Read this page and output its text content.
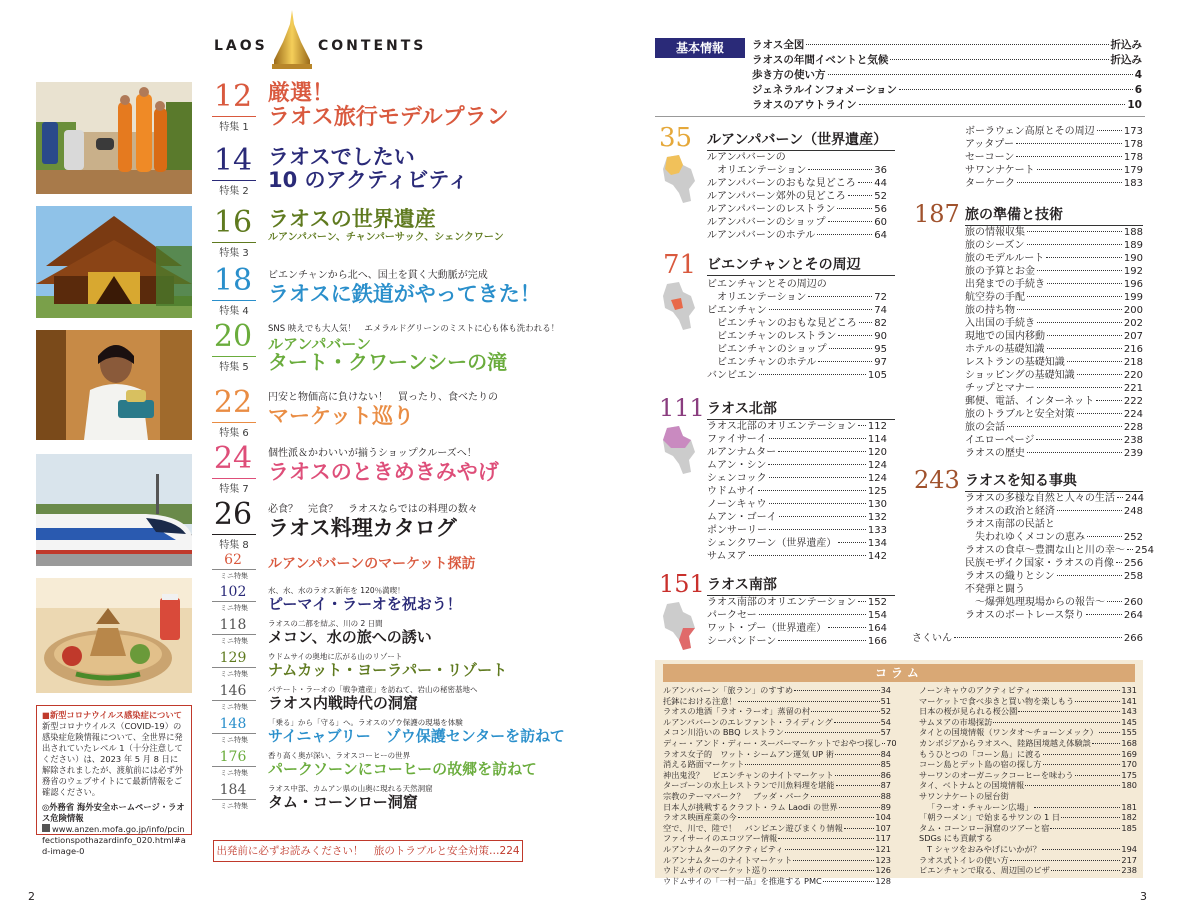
LAOS	CONTENTS
12
特集 1
厳選！
ラオス旅行モデルプラン
14
特集 2
ラオスでしたい
10 のアクティビティ
16
特集 3
ラオスの世界遺産
ルアンパバーン、チャンパーサック、シェンクワーン
18
特集 4
ビエンチャンから北へ、国土を貫く大動脈が完成
ラオスに鉄道がやってきた！
20
特集 5
SNS 映えでも大人気！　エメラルドグリーンのミストに心も体も洗われる！
ルアンパバーン
タート・クワーンシーの滝
22
特集 6
円安と物価高に負けない！　買ったり、食べたりの
マーケット巡り
24
特集 7
個性派＆かわいいが揃うショップクルーズへ！
ラオスのときめきみやげ
26
特集 8
必食？　完食？　ラオスならではの料理の数々
ラオス料理カタログ
62
ミニ特集
ルアンパバーンのマーケット探訪
102
ミニ特集
水、水、水のラオス新年を 120％満喫！
ピーマイ・ラーオを祝おう！
118
ミニ特集
ラオスの二都を結ぶ、川の 2 日間
メコン、水の旅への誘い
129
ミニ特集
ウドムサイの奥地に広がる山のリゾート
ナムカット・ヨーラパー・リゾート
146
ミニ特集
パテート・ラーオの「戦争遺産」を訪ねて、岩山の秘密基地へ
ラオス内戦時代の洞窟
148
ミニ特集
「乗る」から「守る」へ。ラオスのゾウ保護の現場を体験
サイニャブリー　ゾウ保護センターを訪ねて
176
ミニ特集
香り高く奥が深い、ラオスコーヒーの世界
パークソーンにコーヒーの故郷を訪ねて
184
ミニ特集
ラオス中部、カムアン県の山奥に現れる天然洞窟
タム・コーンロー洞窟
■新型コロナウイルス感染症について
新型コロナウイルス（COVID-19）の感染症危険情報について、全世界に発出されていたレベル 1（十分注意してください）は、2023 年 5 月 8 日に解除されましたが、渡航前には必ず外務省のウェブサイトにて最新情報をご確認ください。
◎外務省 海外安全ホームページ・ラオス危険情報
www.anzen.mofa.go.jp/info/pcinfectionspothazardinfo_020.html#ad-image-0	出発前に必ずお読みください！　旅のトラブルと安全対策…224
2
基本情報	ラオス全図	折込み
ラオスの年間イベントと気候	折込み
歩き方の使い方	4
ジェネラルインフォメーション	6
ラオスのアウトライン	10
35 ルアンパバーン（世界遺産）
ルアンパバーンの
オリエンテーション	36
ルアンパバーンのおもな見どころ 44
ルアンパバーン郊外の見どころ	52
ルアンパバーンのレストラン	56
ルアンパバーンのショップ	60
ルアンパバーンのホテル	64
71 ビエンチャンとその周辺
ビエンチャンとその周辺の
オリエンテーション	72
ビエンチャン	74
ビエンチャンのおもな見どころ 82
ビエンチャンのレストラン	90
ビエンチャンのショップ	95
ビエンチャンのホテル	97
バンビエン	105
111 ラオス北部
ラオス北部のオリエンテーション 112
ファイサーイ	114
ルアンナムター	120
ムアン・シン	124
シェンコック	124
ウドムサイ	125
ノーンキャウ	130
ムアン・ゴーイ	132
ポンサーリー	133
シェンクワーン（世界遺産）	134
サムヌア	142
151 ラオス南部
ラオス南部のオリエンテーション 152
パークセー	154
ワット・プー（世界遺産）	164
シーパンドーン	166
ボーラウェン高原とその周辺	173
アッタプー	178
セーコーン	178
サワンナケート	179
ターケーク	183
187 旅の準備と技術
旅の情報収集	188
旅のシーズン	189
旅のモデルルート	190
旅の予算とお金	192
出発までの手続き	196
航空券の手配	199
旅の持ち物	200
入出国の手続き	202
現地での国内移動	207
ホテルの基礎知識	216
レストランの基礎知識	218
ショッピングの基礎知識	220
チップとマナー	221
郵便、電話、インターネット	222
旅のトラブルと安全対策	224
旅の会話	228
イエローページ	238
ラオスの歴史	239
243 ラオスを知る事典
ラオスの多様な自然と人々の生活 244
ラオスの政治と経済	248
ラオス南部の民話と
失われゆくメコンの恵み	252
ラオスの食卓～豊潤な山と川の幸～ 254
民族モザイク国家・ラオスの肖像 256
ラオスの織りとシン	258
不発弾と闘う
～爆弾処理現場からの報告～ 260
ラオスのボートレース祭り	264
さくいん	266
コラム
ルアンパバーン「旅ラン」のすすめ	34
托鉢における注意！	51
ラオスの地酒「ラオ・ラーオ」蒸留の村	52
ルアンパバーンのエレファント・ライディング	54
メコン川沿いの BBQ レストラン	57
ディー・アンド・ディー・スーパーマーケットでおやつ探し 70
ラオス女子的　ワット・シームアン運気 UP 術	84
消える路面マーケット	85
神出鬼没？　ビエンチャンのナイトマーケット	86
ターゴーンの水上レストランで川魚料理を堪能	87
宗教のテーマパーク？　ブッダ・パーク	88
日本人が挑戦するクラフト・ラム Laodi の世界	89
ラオス映画産業の今	104
空で、川で、陸で！　バンビエン遊びまくり情報	107
ファイサーイのエコツアー情報	117
ルアンナムターのアクティビティ	121
ルアンナムターのナイトマーケット	123
ウドムサイのマーケット巡り	126
ウドムサイの「一村一品」を推進する PMC	128
ノーンキャウのアクティビティ	131
マーケットで食べ歩きと買い物を楽しもう	141
日本の桜が見られる桜公園	143
サムヌアの市場探訪	145
タイとの国境情報（ワンタオ～チョーンメック）	155
カンボジアからラオスへ、陸路国境越え体験談	168
もうひとつの「コーン島」に渡る	169
コーン島とデット島の宿の探し方	170
サーワンのオーガニックコーヒーを味わう	175
タイ、ベトナムとの国境情報	180
サワンナケートの屋台街
「ラーオ・チャルーン広場」	181
「朝ラーメン」で始まるサワンの 1 日	182
タム・コーンロー洞窟のツアーと宿	185
SDGs にも貢献する
T シャツをおみやげにいかが？	194
ラオス式トイレの使い方	217
ビエンチャンで取る、周辺国のビザ	238
3
